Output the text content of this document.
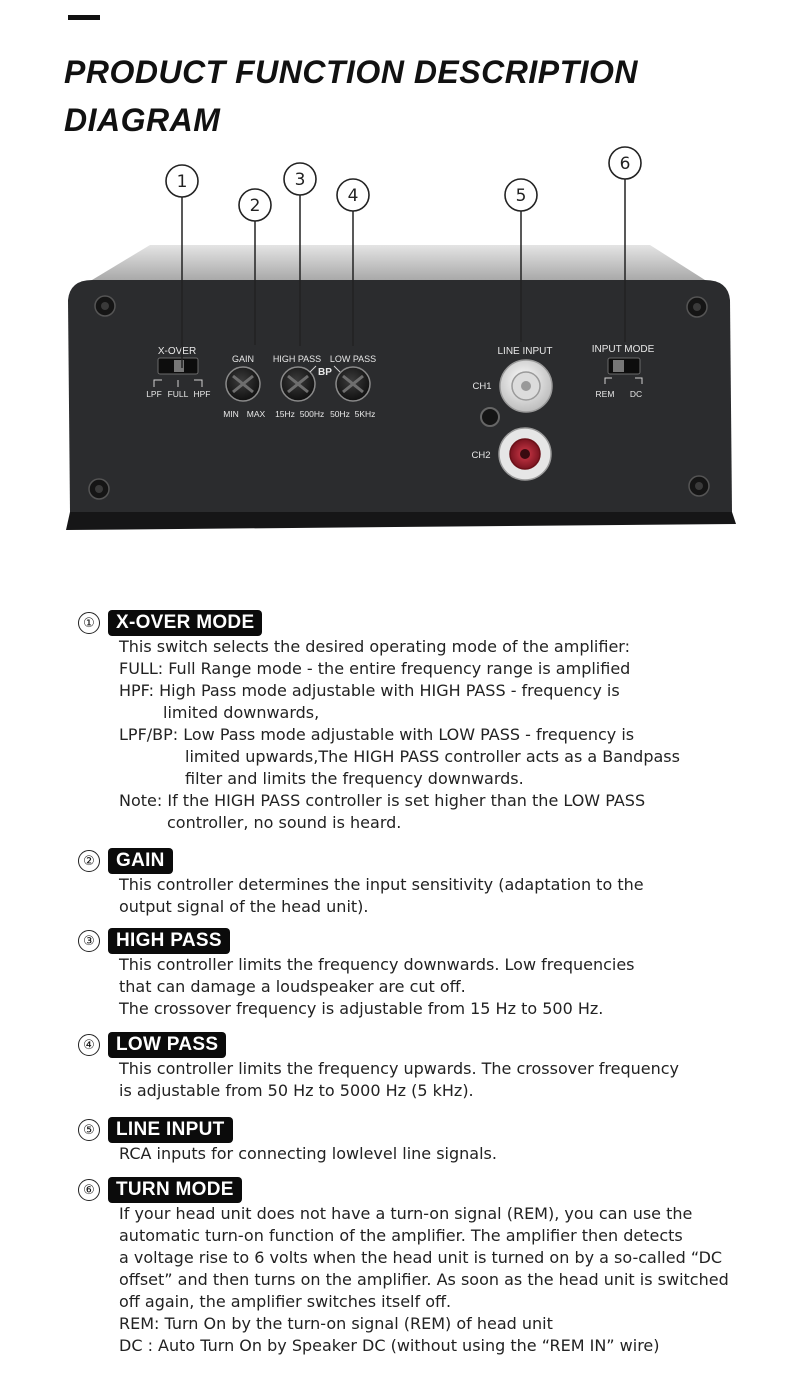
PRODUCT FUNCTION DESCRIPTION
DIAGRAM
X-OVER
LPF FULL HPF
GAIN
MIN MAX
HIGH PASS
15Hz 500Hz
BP
LOW PASS
50Hz 5KHz
LINE INPUT
CH1
CH2
INPUT MODE
REM DC
1
2
3
4	5
6
①	X-OVER MODE
This switch selects the desired operating mode of the amplifier:
FULL: Full Range mode - the entire frequency range is amplified
HPF: High Pass mode adjustable with HIGH PASS - frequency is
limited downwards,
LPF/BP: Low Pass mode adjustable with LOW PASS - frequency is
limited upwards,The HIGH PASS controller acts as a Bandpass
filter and limits the frequency downwards.
Note: If the HIGH PASS controller is set higher than the LOW PASS
controller, no sound is heard.
②	GAIN
This controller determines the input sensitivity (adaptation to the
output signal of the head unit).
③	HIGH PASS
This controller limits the frequency downwards. Low frequencies
that can damage a loudspeaker are cut off.
The crossover frequency is adjustable from 15 Hz to 500 Hz.
④	LOW PASS
This controller limits the frequency upwards. The crossover frequency
is adjustable from 50 Hz to 5000 Hz (5 kHz).
⑤	LINE INPUT
RCA inputs for connecting lowlevel line signals.
⑥	TURN MODE
If your head unit does not have a turn-on signal (REM), you can use the
automatic turn-on function of the amplifier. The amplifier then detects
a voltage rise to 6 volts when the head unit is turned on by a so-called “DC
offset” and then turns on the amplifier. As soon as the head unit is switched
off again, the amplifier switches itself off.
REM: Turn On by the turn-on signal (REM) of head unit
DC : Auto Turn On by Speaker DC (without using the “REM IN” wire)
